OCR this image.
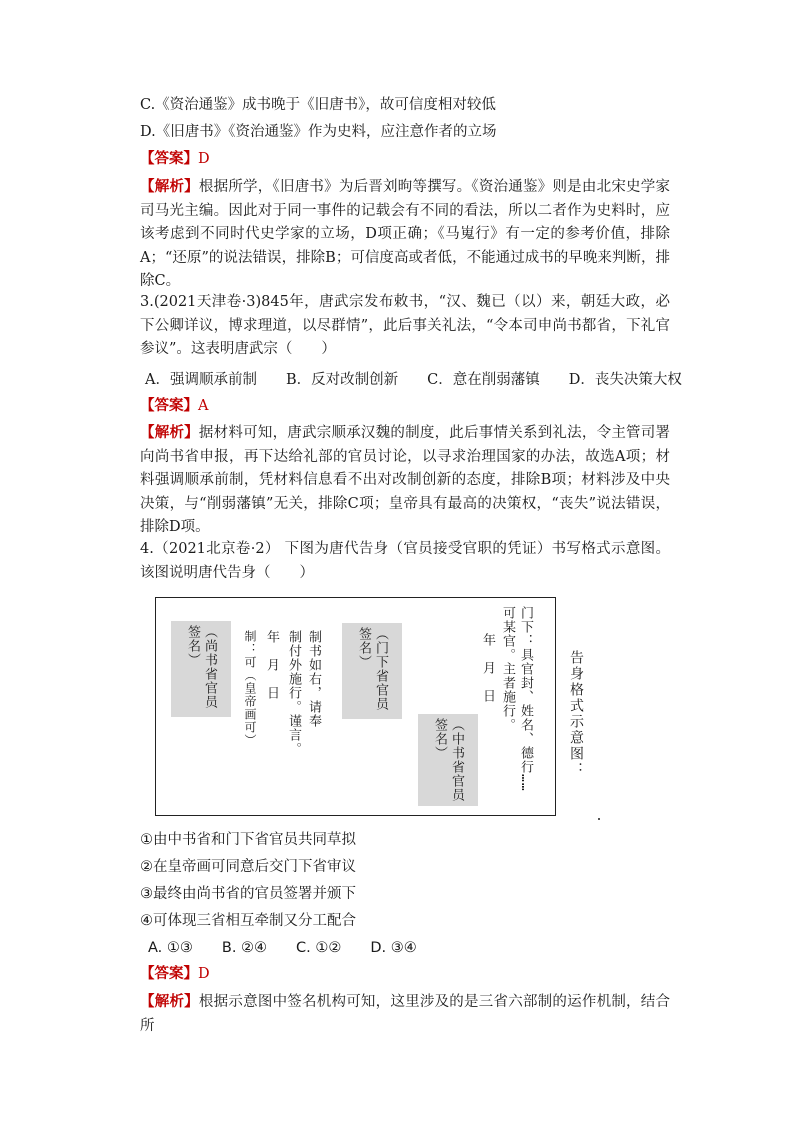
C.《资治通鉴》成书晚于《旧唐书》，故可信度相对较低
D.《旧唐书》《资治通鉴》作为史料，应注意作者的立场
【答案】D
【解析】根据所学，《旧唐书》为后晋刘昫等撰写。《资治通鉴》则是由北宋史学家司马光主编。因此对于同一事件的记载会有不同的看法，所以二者作为史料时，应该考虑到不同时代史学家的立场，D项正确；《马嵬行》有一定的参考价值，排除A；“还原”的说法错误，排除B；可信度高或者低，不能通过成书的早晚来判断，排除C。
3.(2021天津卷·3)845年，唐武宗发布敕书，“汉、魏已（以）来，朝廷大政，必下公卿详议，博求理道，以尽群情”，此后事关礼法，“令本司申尚书都省，下礼官参议”。这表明唐武宗（　　）
A．强调顺承前制　　B．反对改制创新　　C．意在削弱藩镇　　D．丧失决策大权
【答案】A
【解析】据材料可知，唐武宗顺承汉魏的制度，此后事情关系到礼法，令主管司署向尚书省申报，再下达给礼部的官员讨论，以寻求治理国家的办法，故选A项；材料强调顺承前制，凭材料信息看不出对改制创新的态度，排除B项；材料涉及中央决策，与“削弱藩镇”无关，排除C项；皇帝具有最高的决策权，“丧失”说法错误，排除D项。
4.（2021北京卷·2） 下图为唐代告身（官员接受官职的凭证）书写格式示意图。该图说明唐代告身（　　）
门下：具官封、姓名、德行……
可某官。主者施行。
年　月　日
（中书省官员签名）
（门下省官员签名）
制书如右，请奉
制付外施行。谨言。
年　月　日
制：可（皇帝画可）
（尚书省官员签名）
告身格式示意图：
①由中书省和门下省官员共同草拟
②在皇帝画可同意后交门下省审议
③最终由尚书省的官员签署并颁下
④可体现三省相互牵制又分工配合
A. ①③　　B. ②④　　C. ①②　　D. ③④
【答案】D
【解析】根据示意图中签名机构可知，这里涉及的是三省六部制的运作机制，结合所
